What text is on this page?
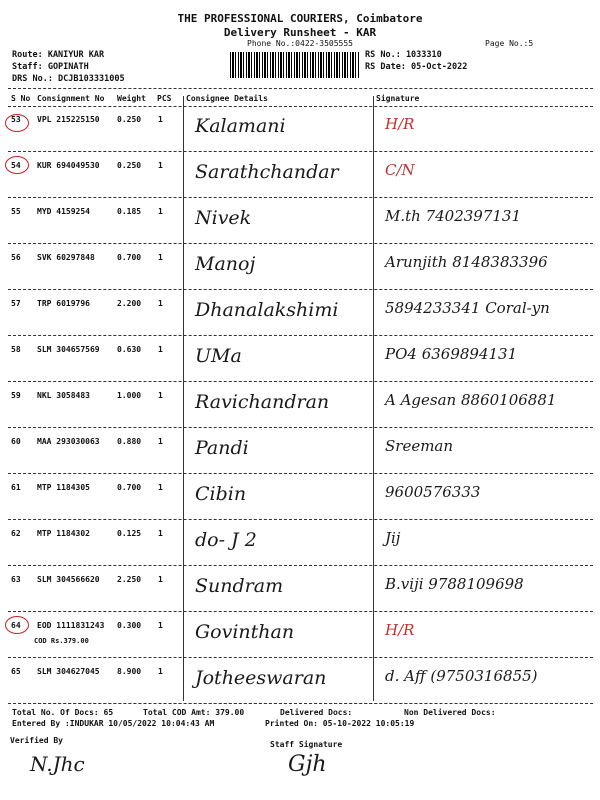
THE PROFESSIONAL COURIERS, Coimbatore
Delivery Runsheet - KAR
Phone No.:0422-3505555	Page No.:5
Route: KANIYUR KAR
Staff: GOPINATH
DRS No.: DCJB103331005
RS No.: 1033310
RS Date: 05-Oct-2022
S No Consignment No Weight PCS Consignee Details	Signature
53 VPL 215225150 0.250 1 Kalamani	H/R
54 KUR 694049530 0.250 1 Sarathchandar	C/N
55 MYD 4159254	0.185 1 Nivek	M.th 7402397131
56 SVK 60297848	0.700 1 Manoj	Arunjith 8148383396
57 TRP 6019796	2.200 1 Dhanalakshimi	5894233341 Coral-yn
58 SLM 304657569 0.630 1 UMa	PO4 6369894131
59 NKL 3058483	1.000 1 Ravichandran	A Agesan 8860106881
60 MAA 293030063 0.880 1 Pandi	Sreeman
61 MTP 1184305	0.700 1 Cibin	9600576333
62 MTP 1184302	0.125 1 do- J 2	Jij
63 SLM 304566620 2.250 1 Sundram	B.viji 9788109698
64 EOD 1111831243 0.300 1 Govinthan	H/R
COD Rs.379.00
65 SLM 304627045 8.900 1 Jotheeswaran	d. Aff (9750316855)
Total No. Of Docs: 65	Total COD Amt: 379.00	Delivered Docs:	Non Delivered Docs:
Entered By :INDUKAR 10/05/2022 10:04:43 AM	Printed On: 05-10-2022 10:05:19
Verified By	Staff Signature
N.Jhc	Gjh
